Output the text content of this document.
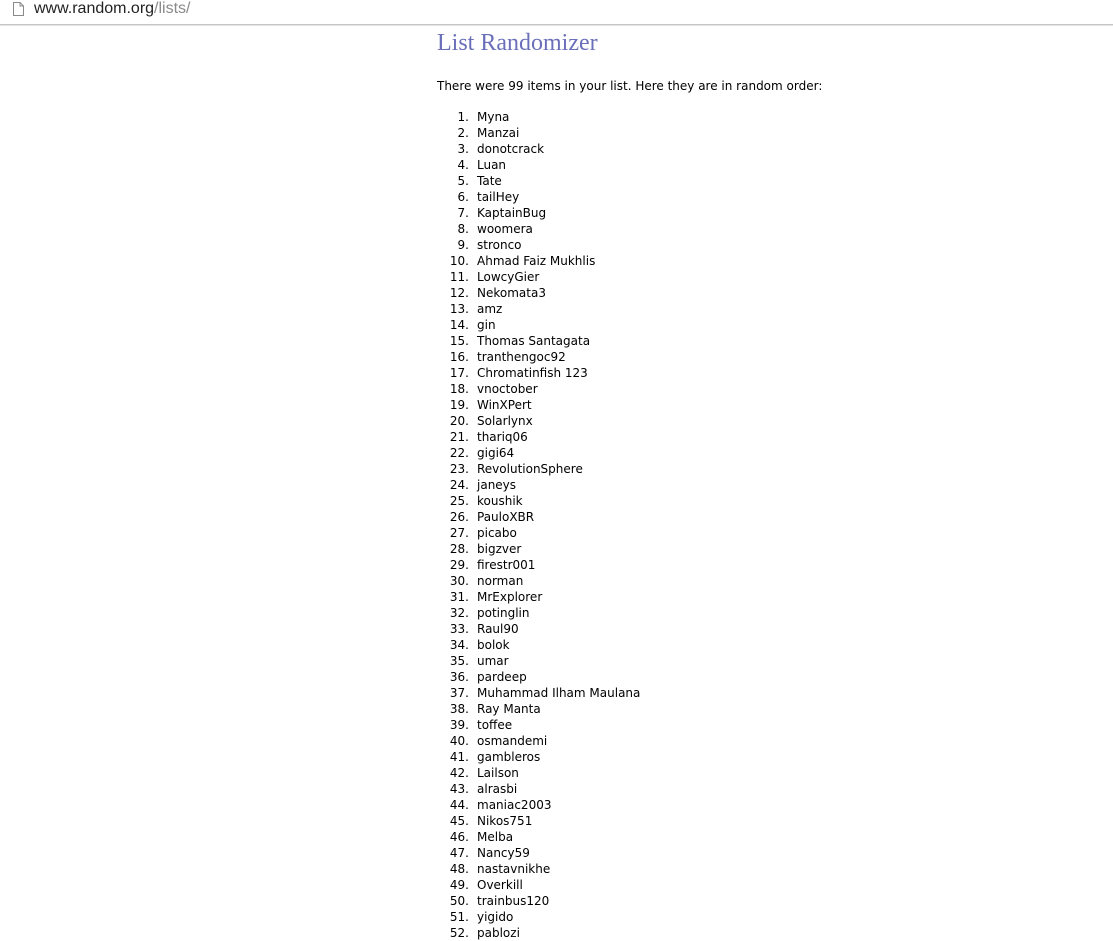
www.random.org/lists/
List Randomizer

There were 99 items in your list. Here they are in random order:

1. Myna
2. Manzai
3. donotcrack
4. Luan
5. Tate
6. tailHey
7. KaptainBug
8. woomera
9. stronco
10. Ahmad Faiz Mukhlis
11. LowcyGier
12. Nekomata3
13. amz
14. gin
15. Thomas Santagata
16. tranthengoc92
17. Chromatinfish 123
18. vnoctober
19. WinXPert
20. Solarlynx
21. thariq06
22. gigi64
23. RevolutionSphere
24. janeys
25. koushik
26. PauloXBR
27. picabo
28. bigzver
29. firestr001
30. norman
31. MrExplorer
32. potinglin
33. Raul90
34. bolok
35. umar
36. pardeep
37. Muhammad Ilham Maulana
38. Ray Manta
39. toffee
40. osmandemi
41. gambleros
42. Lailson
43. alrasbi
44. maniac2003
45. Nikos751
46. Melba
47. Nancy59
48. nastavnikhe
49. Overkill
50. trainbus120
51. yigido
52. pablozi
